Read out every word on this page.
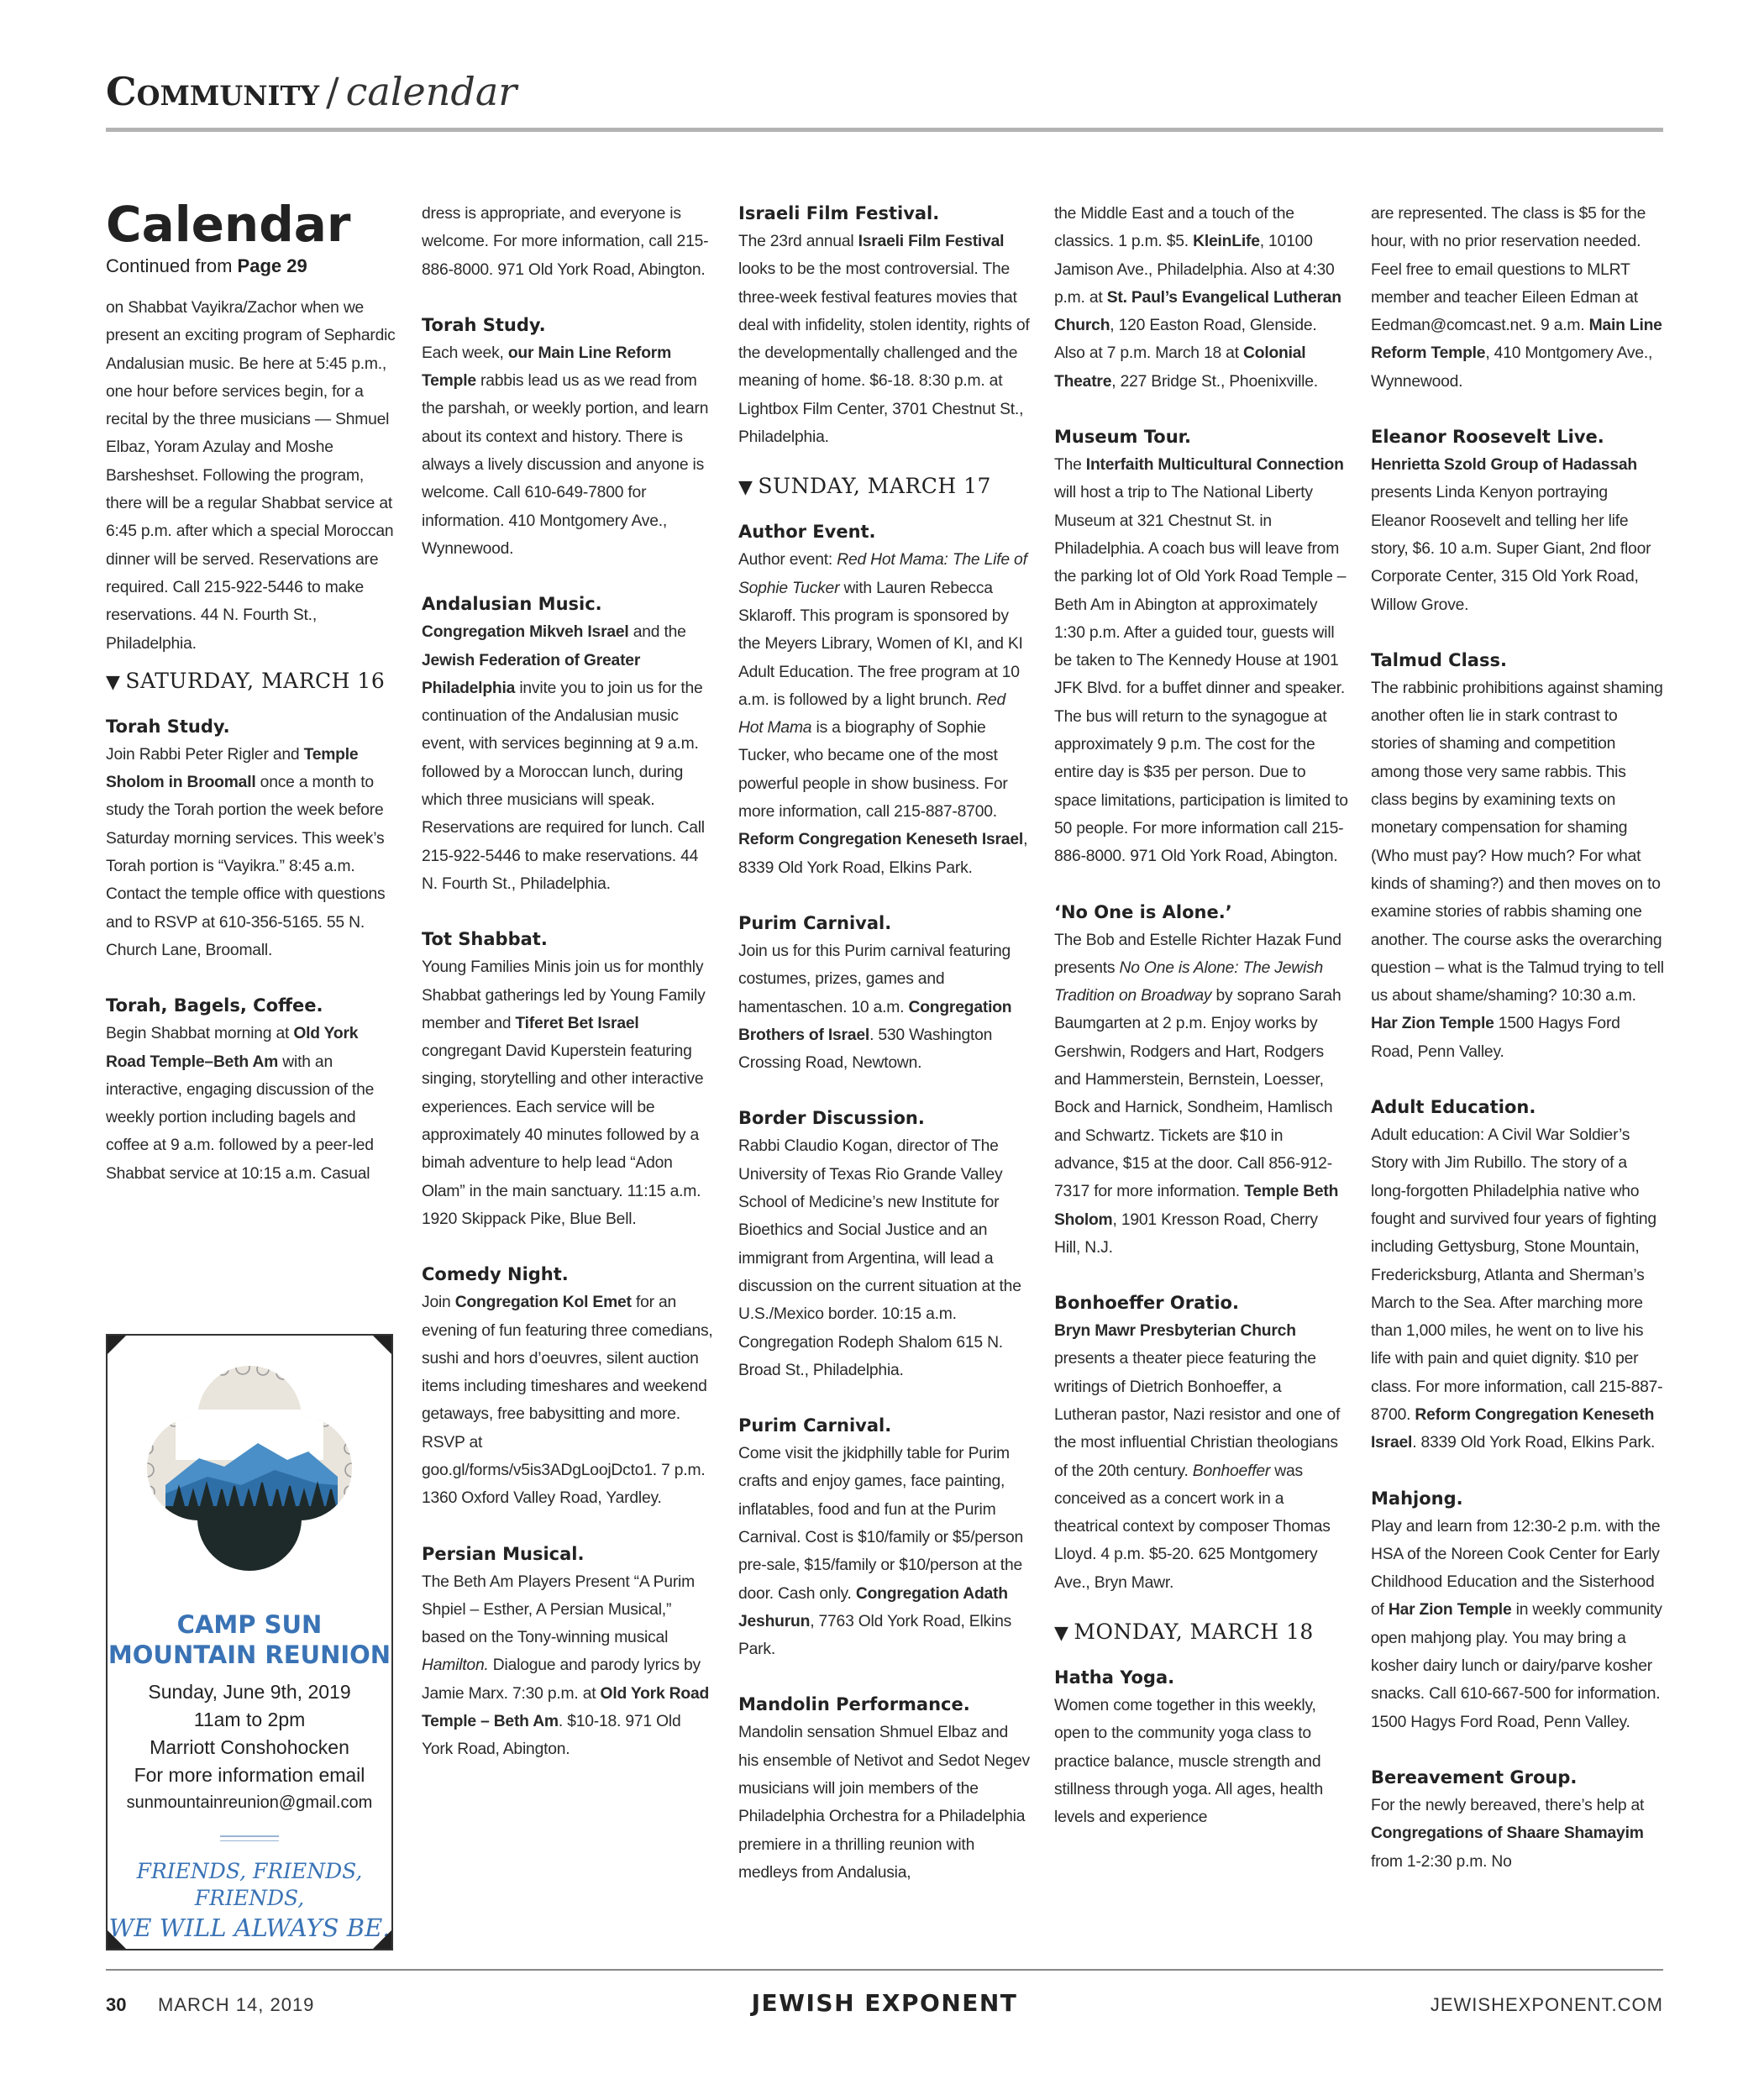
Community / calendar
Calendar
Continued from Page 29

on Shabbat Vayikra/Zachor when we present an exciting program of Sephardic Andalusian music. Be here at 5:45 p.m., one hour before services begin, for a recital by the three musicians — Shmuel Elbaz, Yoram Azulay and Moshe Barsheshset. Following the program, there will be a regular Shabbat service at 6:45 p.m. after which a special Moroccan dinner will be served. Reservations are required. Call 215-922-5446 to make reservations. 44 N. Fourth St., Philadelphia.

▼ SATURDAY, MARCH 16
Torah Study.

Join Rabbi Peter Rigler and Temple Sholom in Broomall once a month to study the Torah portion the week before Saturday morning services. This week’s Torah portion is “Vayikra.” 8:45 a.m. Contact the temple office with questions and to RSVP at 610-356-5165. 55 N. Church Lane, Broomall.

Torah, Bagels, Coffee.

Begin Shabbat morning at Old York Road Temple–Beth Am with an interactive, engaging discussion of the weekly portion including bagels and coffee at 9 a.m. followed by a peer-led Shabbat service at 10:15 a.m. Casual

CAMP SUN
MOUNTAIN REUNION
Sunday, June 9th, 2019
11am to 2pm
Marriott Conshohocken
For more information email
sunmountainreunion@gmail.com
FRIENDS, FRIENDS, FRIENDS,
WE WILL ALWAYS BE.

dress is appropriate, and everyone is welcome. For more information, call 215-886-8000. 971 Old York Road, Abington.

Torah Study.

Each week, our Main Line Reform Temple rabbis lead us as we read from the parshah, or weekly portion, and learn about its context and history. There is always a lively discussion and anyone is welcome. Call 610-649-7800 for information. 410 Montgomery Ave., Wynnewood.

Andalusian Music.

Congregation Mikveh Israel and the Jewish Federation of Greater Philadelphia invite you to join us for the continuation of the Andalusian music event, with services beginning at 9 a.m. followed by a Moroccan lunch, during which three musicians will speak. Reservations are required for lunch. Call 215-922-5446 to make reservations. 44 N. Fourth St., Philadelphia.

Tot Shabbat.

Young Families Minis join us for monthly Shabbat gatherings led by Young Family member and Tiferet Bet Israel congregant David Kuperstein featuring singing, storytelling and other interactive experiences. Each service will be approximately 40 minutes followed by a bimah adventure to help lead “Adon Olam” in the main sanctuary. 11:15 a.m. 1920 Skippack Pike, Blue Bell.

Comedy Night.

Join Congregation Kol Emet for an evening of fun featuring three comedians, sushi and hors d’oeuvres, silent auction items including timeshares and weekend getaways, free babysitting and more. RSVP at goo.gl/forms/v5is3ADgLoojDcto1. 7 p.m. 1360 Oxford Valley Road, Yardley.

Persian Musical.

The Beth Am Players Present “A Purim Shpiel – Esther, A Persian Musical,” based on the Tony-winning musical Hamilton. Dialogue and parody lyrics by Jamie Marx. 7:30 p.m. at Old York Road Temple – Beth Am. $10-18. 971 Old York Road, Abington.

Israeli Film Festival.

The 23rd annual Israeli Film Festival looks to be the most controversial. The three-week festival features movies that deal with infidelity, stolen identity, rights of the developmentally challenged and the meaning of home. $6-18. 8:30 p.m. at Lightbox Film Center, 3701 Chestnut St., Philadelphia.

▼ SUNDAY, MARCH 17
Author Event.

Author event: Red Hot Mama: The Life of Sophie Tucker with Lauren Rebecca Sklaroff. This program is sponsored by the Meyers Library, Women of KI, and KI Adult Education. The free program at 10 a.m. is followed by a light brunch. Red Hot Mama is a biography of Sophie Tucker, who became one of the most powerful people in show business. For more information, call 215-887-8700. Reform Congregation Keneseth Israel, 8339 Old York Road, Elkins Park.

Purim Carnival.

Join us for this Purim carnival featuring costumes, prizes, games and hamentaschen. 10 a.m. Congregation Brothers of Israel. 530 Washington Crossing Road, Newtown.

Border Discussion.

Rabbi Claudio Kogan, director of The University of Texas Rio Grande Valley School of Medicine’s new Institute for Bioethics and Social Justice and an immigrant from Argentina, will lead a discussion on the current situation at the U.S./Mexico border. 10:15 a.m. Congregation Rodeph Shalom 615 N. Broad St., Philadelphia.

Purim Carnival.

Come visit the jkidphilly table for Purim crafts and enjoy games, face painting, inflatables, food and fun at the Purim Carnival. Cost is $10/family or $5/person pre-sale, $15/family or $10/person at the door. Cash only. Congregation Adath Jeshurun, 7763 Old York Road, Elkins Park.

Mandolin Performance.

Mandolin sensation Shmuel Elbaz and his ensemble of Netivot and Sedot Negev musicians will join members of the Philadelphia Orchestra for a Philadelphia premiere in a thrilling reunion with medleys from Andalusia,

the Middle East and a touch of the classics. 1 p.m. $5. KleinLife, 10100 Jamison Ave., Philadelphia. Also at 4:30 p.m. at St. Paul’s Evangelical Lutheran Church, 120 Easton Road, Glenside. Also at 7 p.m. March 18 at Colonial Theatre, 227 Bridge St., Phoenixville.

Museum Tour.

The Interfaith Multicultural Connection will host a trip to The National Liberty Museum at 321 Chestnut St. in Philadelphia. A coach bus will leave from the parking lot of Old York Road Temple – Beth Am in Abington at approximately 1:30 p.m. After a guided tour, guests will be taken to The Kennedy House at 1901 JFK Blvd. for a buffet dinner and speaker. The bus will return to the synagogue at approximately 9 p.m. The cost for the entire day is $35 per person. Due to space limitations, participation is limited to 50 people. For more information call 215-886-8000. 971 Old York Road, Abington.

‘No One is Alone.’

The Bob and Estelle Richter Hazak Fund presents No One is Alone: The Jewish Tradition on Broadway by soprano Sarah Baumgarten at 2 p.m. Enjoy works by Gershwin, Rodgers and Hart, Rodgers and Hammerstein, Bernstein, Loesser, Bock and Harnick, Sondheim, Hamlisch and Schwartz. Tickets are $10 in advance, $15 at the door. Call 856-912-7317 for more information. Temple Beth Sholom, 1901 Kresson Road, Cherry Hill, N.J.

Bonhoeffer Oratio.

Bryn Mawr Presbyterian Church presents a theater piece featuring the writings of Dietrich Bonhoeffer, a Lutheran pastor, Nazi resistor and one of the most influential Christian theologians of the 20th century. Bonhoeffer was conceived as a concert work in a theatrical context by composer Thomas Lloyd. 4 p.m. $5-20. 625 Montgomery Ave., Bryn Mawr.

▼ MONDAY, MARCH 18
Hatha Yoga.

Women come together in this weekly, open to the community yoga class to practice balance, muscle strength and stillness through yoga. All ages, health levels and experience

are represented. The class is $5 for the hour, with no prior reservation needed. Feel free to email questions to MLRT member and teacher Eileen Edman at Eedman@comcast.net. 9 a.m. Main Line Reform Temple, 410 Montgomery Ave., Wynnewood.

Eleanor Roosevelt Live.

Henrietta Szold Group of Hadassah presents Linda Kenyon portraying Eleanor Roosevelt and telling her life story, $6. 10 a.m. Super Giant, 2nd floor Corporate Center, 315 Old York Road, Willow Grove.

Talmud Class.

The rabbinic prohibitions against shaming another often lie in stark contrast to stories of shaming and competition among those very same rabbis. This class begins by examining texts on monetary compensation for shaming (Who must pay? How much? For what kinds of shaming?) and then moves on to examine stories of rabbis shaming one another. The course asks the overarching question – what is the Talmud trying to tell us about shame/shaming? 10:30 a.m. Har Zion Temple 1500 Hagys Ford Road, Penn Valley.

Adult Education.

Adult education: A Civil War Soldier’s Story with Jim Rubillo. The story of a long-forgotten Philadelphia native who fought and survived four years of fighting including Gettysburg, Stone Mountain, Fredericksburg, Atlanta and Sherman’s March to the Sea. After marching more than 1,000 miles, he went on to live his life with pain and quiet dignity. $10 per class. For more information, call 215-887-8700. Reform Congregation Keneseth Israel. 8339 Old York Road, Elkins Park.

Mahjong.

Play and learn from 12:30-2 p.m. with the HSA of the Noreen Cook Center for Early Childhood Education and the Sisterhood of Har Zion Temple in weekly community open mahjong play. You may bring a kosher dairy lunch or dairy/parve kosher snacks. Call 610-667-500 for information. 1500 Hagys Ford Road, Penn Valley.

Bereavement Group.

For the newly bereaved, there’s help at Congregations of Shaare Shamayim from 1-2:30 p.m. No

30 MARCH 14, 2019	JEWISH EXPONENT	JEWISHEXPONENT.COM
